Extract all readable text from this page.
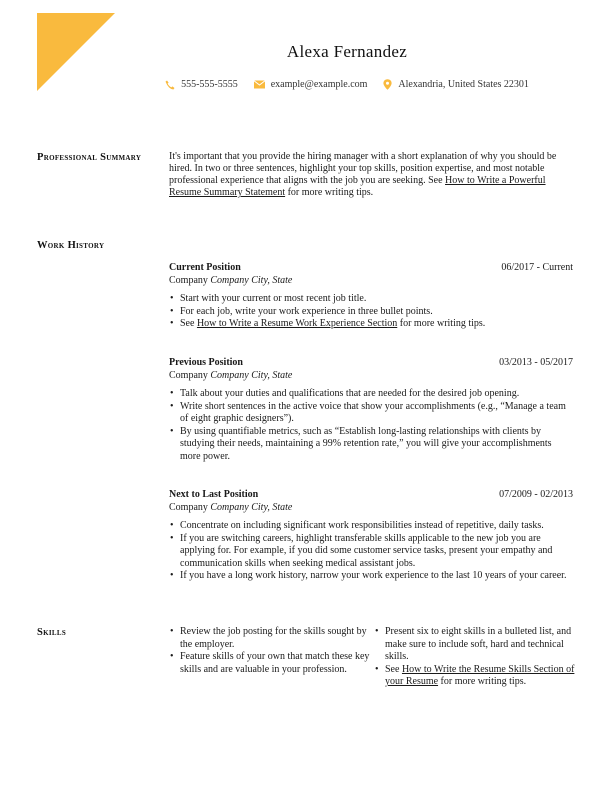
Alexa Fernandez
555-555-5555	example@example.com	Alexandria, United States 22301
Professional Summary	It's important that you provide the hiring manager with a short explanation of why you should be hired. In two or three sentences, highlight your top skills, position expertise, and most notable professional experience that aligns with the job you are seeking. See How to Write a Powerful Resume Summary Statement for more writing tips.
Work History
Current Position	06/2017 - Current
Company Company City, State
• Start with your current or most recent job title.
• For each job, write your work experience in three bullet points.
• See How to Write a Resume Work Experience Section for more writing tips.
Previous Position	03/2013 - 05/2017
Company Company City, State
• Talk about your duties and qualifications that are needed for the desired job opening.
• Write short sentences in the active voice that show your accomplishments (e.g., “Manage a team of eight graphic designers”).
• By using quantifiable metrics, such as “Establish long-lasting relationships with clients by studying their needs, maintaining a 99% retention rate,” you will give your accomplishments more power.
Next to Last Position	07/2009 - 02/2013
Company Company City, State
• Concentrate on including significant work responsibilities instead of repetitive, daily tasks.
• If you are switching careers, highlight transferable skills applicable to the new job you are applying for. For example, if you did some customer service tasks, present your empathy and communication skills when seeking medical assistant jobs.
• If you have a long work history, narrow your work experience to the last 10 years of your career.
Skills
•	Review the job posting for the skills sought by the employer.
• Feature skills of your own that match these key skills and are valuable in your profession.
• Present six to eight skills in a bulleted list, and make sure to include soft, hard and technical skills.
• See How to Write the Resume Skills Section of your Resume for more writing tips.
